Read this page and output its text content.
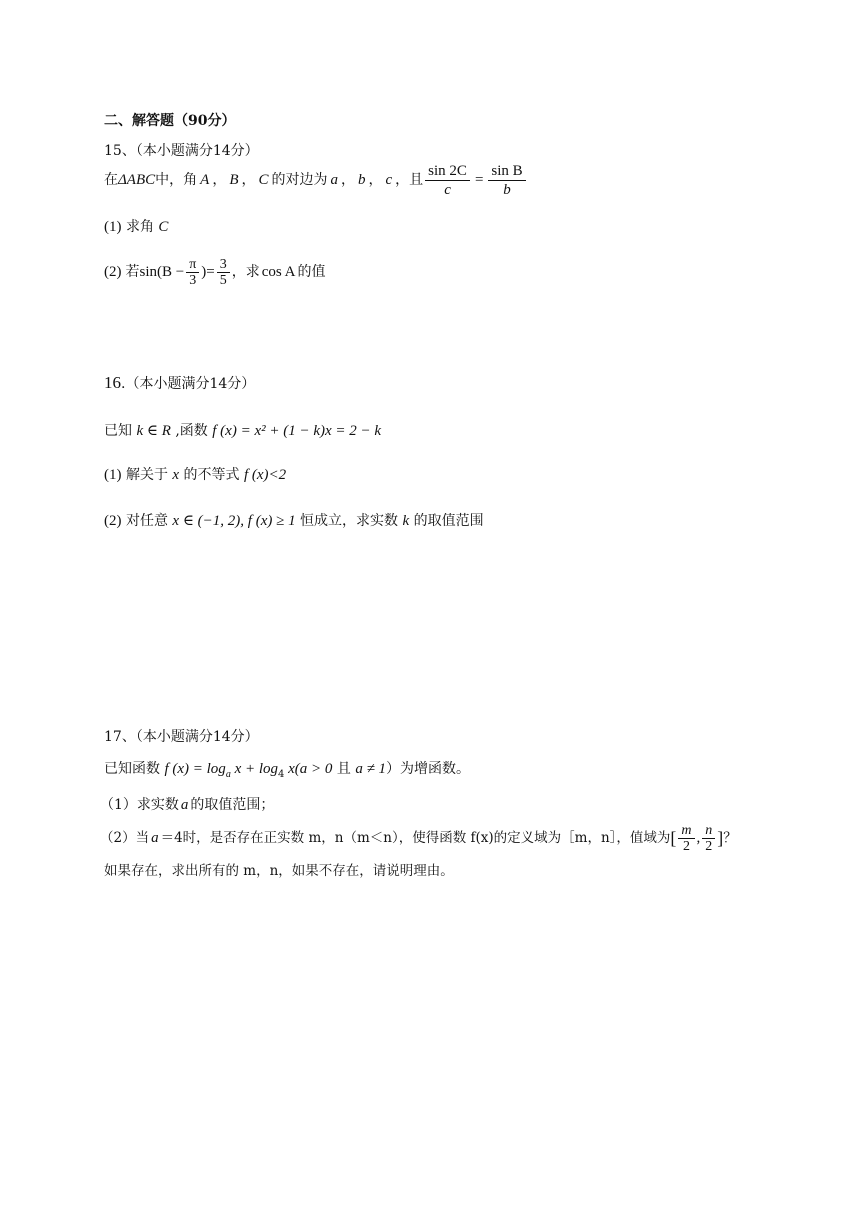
二、解答题（90分）
15、（本小题满分14分）
在 ΔABC 中，角 A ， B ， C 的对边为 a ， b ， c ，且 $\frac{\sin 2C}{c} = \frac{\text{sin B}}{b}$
(1) 求角 C
(2) 若 $\sin(B - \frac{\pi}{3}$ )= $\frac{3}{5}$ ，求 cos A 的值
16.（本小题满分14分）
已知 k ∈ R ,函数 f (x) = x² + (1 − k)x = 2 − k
(1) 解关于 x 的不等式 f (x)<2
(2) 对任意 x ∈ (−1, 2), f (x) ≥ 1 恒成立，求实数 k 的取值范围
17、（本小题满分14分）
已知函数 f $(x) = \log_a x + \log_4 x(a > 0$ 且 a ≠ 1）为增函数。
（1）求实数 a 的取值范围；
（2）当 a ＝4时，是否存在正实数 m，n（m＜n），使得函数 f(x)的定义域为［m，n］，值域为 [ $\frac{m}{2}$ , $\frac{n}{2}$ ] ？
如果存在，求出所有的 m，n，如果不存在，请说明理由。
